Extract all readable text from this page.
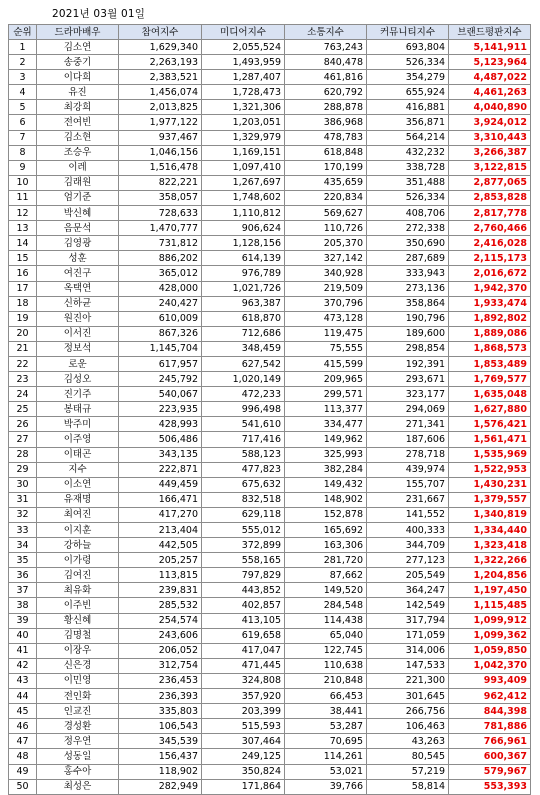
2021년 03월 01일
순위	드라마배우	참여지수	미디어지수	소통지수	커뮤니티지수	브랜드평판지수
1	김소연	1,629,340	2,055,524	763,243	693,804	5,141,911
2	송중기	2,263,193	1,493,959	840,478	526,334	5,123,964
3	이다희	2,383,521	1,287,407	461,816	354,279	4,487,022
4	유진	1,456,074	1,728,473	620,792	655,924	4,461,263
5	최강희	2,013,825	1,321,306	288,878	416,881	4,040,890
6	전여빈	1,977,122	1,203,051	386,968	356,871	3,924,012
7	김소현	937,467	1,329,979	478,783	564,214	3,310,443
8	조승우	1,046,156	1,169,151	618,848	432,232	3,266,387
9	이레	1,516,478	1,097,410	170,199	338,728	3,122,815
10	김래원	822,221	1,267,697	435,659	351,488	2,877,065
11	엄기준	358,057	1,748,602	220,834	526,334	2,853,828
12	박신혜	728,633	1,110,812	569,627	408,706	2,817,778
13	음문석	1,470,777	906,624	110,726	272,338	2,760,466
14	김영광	731,812	1,128,156	205,370	350,690	2,416,028
15	성훈	886,202	614,139	327,142	287,689	2,115,173
16	여진구	365,012	976,789	340,928	333,943	2,016,672
17	옥택연	428,000	1,021,726	219,509	273,136	1,942,370
18	신하균	240,427	963,387	370,796	358,864	1,933,474
19	원진아	610,009	618,870	473,128	190,796	1,892,802
20	이서진	867,326	712,686	119,475	189,600	1,889,086
21	정보석	1,145,704	348,459	75,555	298,854	1,868,573
22	로운	617,957	627,542	415,599	192,391	1,853,489
23	김성오	245,792	1,020,149	209,965	293,671	1,769,577
24	진기주	540,067	472,233	299,571	323,177	1,635,048
25	봉태규	223,935	996,498	113,377	294,069	1,627,880
26	박주미	428,993	541,610	334,477	271,341	1,576,421
27	이주영	506,486	717,416	149,962	187,606	1,561,471
28	이태곤	343,135	588,123	325,993	278,718	1,535,969
29	지수	222,871	477,823	382,284	439,974	1,522,953
30	이소연	449,459	675,632	149,432	155,707	1,430,231
31	유재명	166,471	832,518	148,902	231,667	1,379,557
32	최여진	417,270	629,118	152,878	141,552	1,340,819
33	이지훈	213,404	555,012	165,692	400,333	1,334,440
34	강하늘	442,505	372,899	163,306	344,709	1,323,418
35	이가령	205,257	558,165	281,720	277,123	1,322,266
36	김여진	113,815	797,829	87,662	205,549	1,204,856
37	최유화	239,831	443,852	149,520	364,247	1,197,450
38	이주빈	285,532	402,857	284,548	142,549	1,115,485
39	황신혜	254,574	413,105	114,438	317,794	1,099,912
40	김명철	243,606	619,658	65,040	171,059	1,099,362
41	이장우	206,052	417,047	122,745	314,006	1,059,850
42	신은경	312,754	471,445	110,638	147,533	1,042,370
43	이민영	236,453	324,808	210,848	221,300	993,409
44	전인화	236,393	357,920	66,453	301,645	962,412
45	인교진	335,803	203,399	38,441	266,756	844,398
46	경성환	106,543	515,593	53,287	106,463	781,886
47	정우연	345,539	307,464	70,695	43,263	766,961
48	성동일	156,437	249,125	114,261	80,545	600,367
49	홍수아	118,902	350,824	53,021	57,219	579,967
50	최성은	282,949	171,864	39,766	58,814	553,393
